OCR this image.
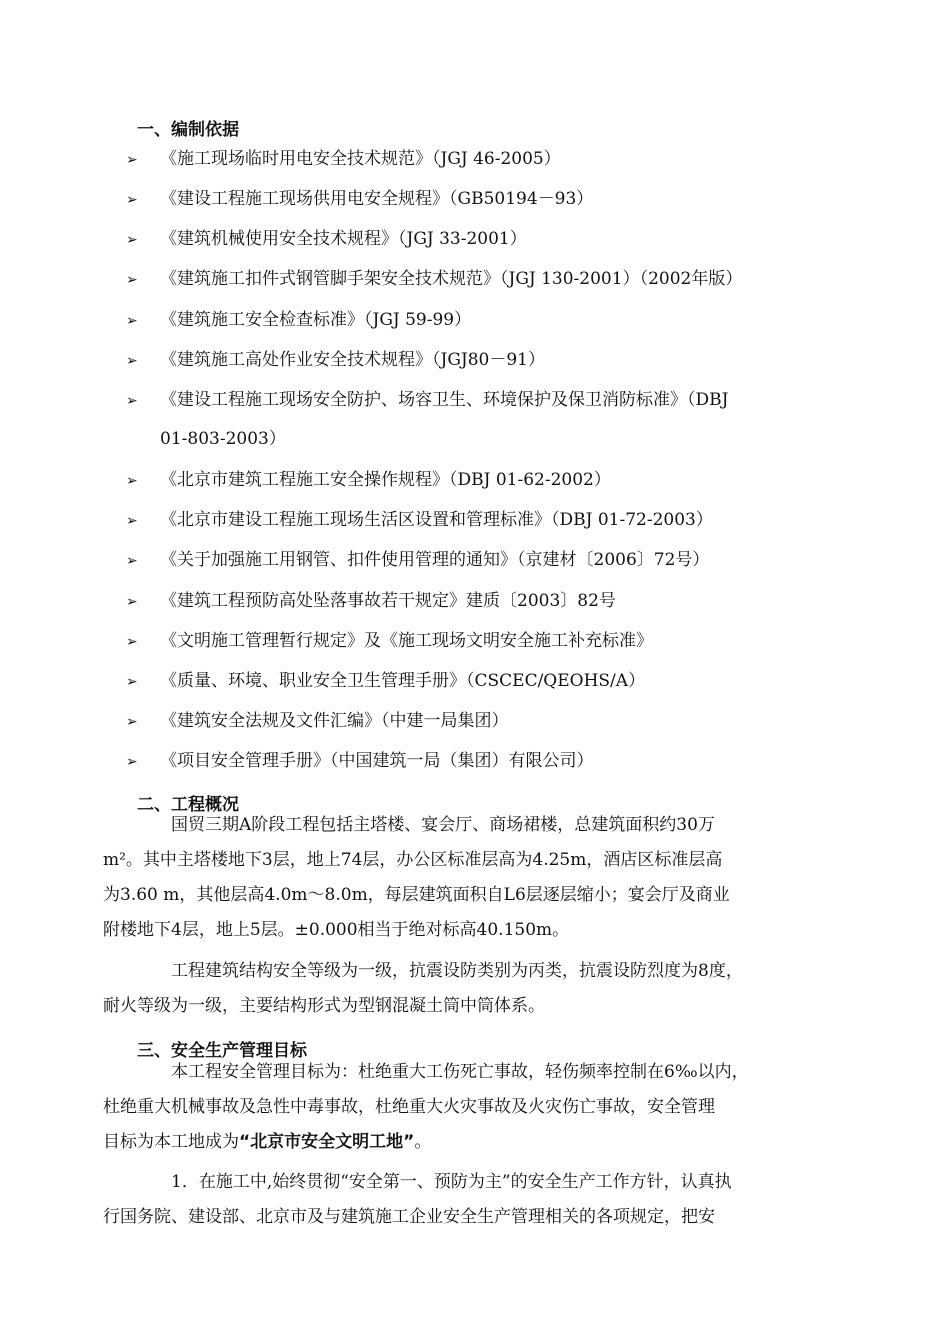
一、编制依据
➢ 《施工现场临时用电安全技术规范》（JGJ 46-2005）
➢ 《建设工程施工现场供用电安全规程》（GB50194－93）
➢ 《建筑机械使用安全技术规程》（JGJ 33-2001）
➢ 《建筑施工扣件式钢管脚手架安全技术规范》（JGJ 130-2001）（2002年版）
➢ 《建筑施工安全检查标准》（JGJ 59-99）
➢ 《建筑施工高处作业安全技术规程》（JGJ80－91）
➢ 《建设工程施工现场安全防护、场容卫生、环境保护及保卫消防标准》（DBJ
01-803-2003）
➢ 《北京市建筑工程施工安全操作规程》（DBJ 01-62-2002）
➢ 《北京市建设工程施工现场生活区设置和管理标准》（DBJ 01-72-2003）
➢ 《关于加强施工用钢管、扣件使用管理的通知》（京建材〔2006〕72号）
➢ 《建筑工程预防高处坠落事故若干规定》建质〔2003〕82号
➢ 《文明施工管理暂行规定》及《施工现场文明安全施工补充标准》
➢ 《质量、环境、职业安全卫生管理手册》（CSCEC/QEOHS/A）
➢ 《建筑安全法规及文件汇编》（中建一局集团）
➢ 《项目安全管理手册》（中国建筑一局（集团）有限公司）
二、工程概况
国贸三期A阶段工程包括主塔楼、宴会厅、商场裙楼，总建筑面积约30万
m²。其中主塔楼地下3层，地上74层，办公区标准层高为4.25m，酒店区标准层高
为3.60 m，其他层高4.0m～8.0m，每层建筑面积自L6层逐层缩小；宴会厅及商业
附楼地下4层，地上5层。±0.000相当于绝对标高40.150m。
工程建筑结构安全等级为一级，抗震设防类别为丙类，抗震设防烈度为8度，
耐火等级为一级，主要结构形式为型钢混凝土筒中筒体系。
三、安全生产管理目标
本工程安全管理目标为：杜绝重大工伤死亡事故，轻伤频率控制在6‰以内，
杜绝重大机械事故及急性中毒事故，杜绝重大火灾事故及火灾伤亡事故，安全管理
目标为本工地成为“北京市安全文明工地”。
1．在施工中,始终贯彻“安全第一、预防为主”的安全生产工作方针，认真执
行国务院、建设部、北京市及与建筑施工企业安全生产管理相关的各项规定，把安
